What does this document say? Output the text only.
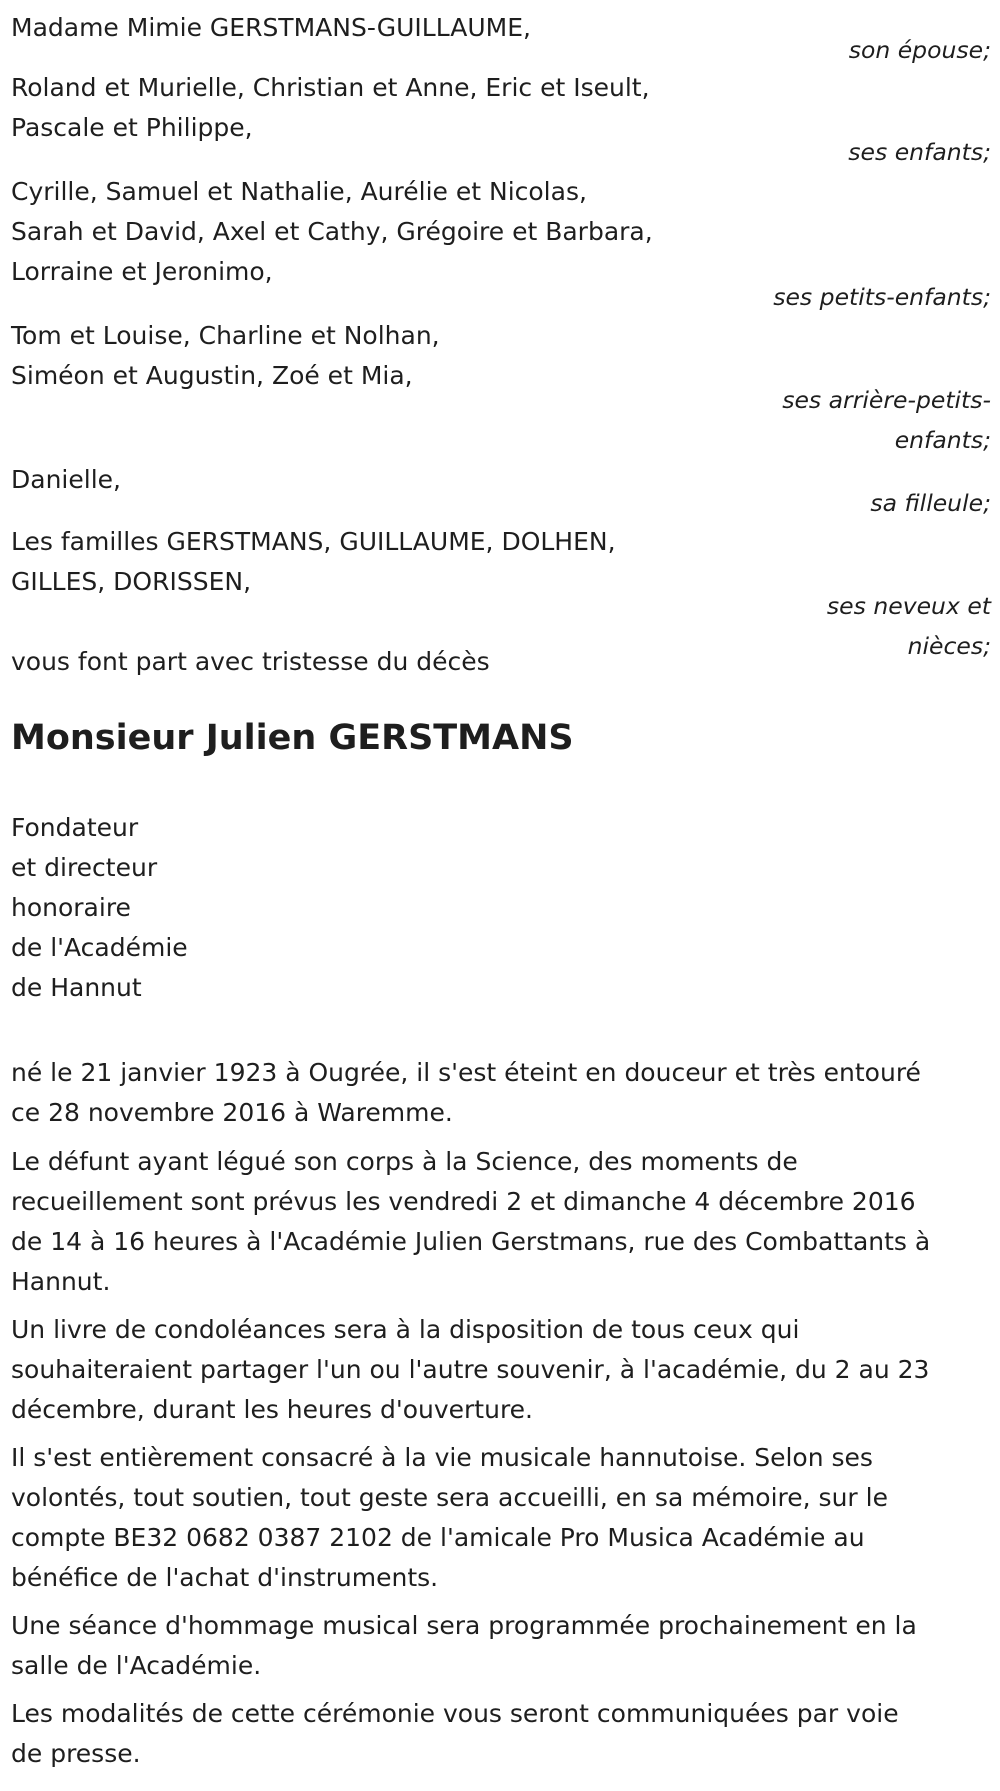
Madame Mimie GERSTMANS-GUILLAUME,
son épouse;
Roland et Murielle, Christian et Anne, Eric et Iseult,
Pascale et Philippe,
ses enfants;
Cyrille, Samuel et Nathalie, Aurélie et Nicolas,
Sarah et David, Axel et Cathy, Grégoire et Barbara,
Lorraine et Jeronimo,
ses petits-enfants;
Tom et Louise, Charline et Nolhan,
Siméon et Augustin, Zoé et Mia,
ses arrière-petits-
enfants;
Danielle,
sa filleule;
Les familles GERSTMANS, GUILLAUME, DOLHEN,
GILLES, DORISSEN,
ses neveux et
nièces;
vous font part avec tristesse du décès
Monsieur Julien GERSTMANS
Fondateur
et directeur
honoraire
de l'Académie
de Hannut
né le 21 janvier 1923 à Ougrée, il s'est éteint en douceur et très entouré
ce 28 novembre 2016 à Waremme.
Le défunt ayant légué son corps à la Science, des moments de
recueillement sont prévus les vendredi 2 et dimanche 4 décembre 2016
de 14 à 16 heures à l'Académie Julien Gerstmans, rue des Combattants à
Hannut.
Un livre de condoléances sera à la disposition de tous ceux qui
souhaiteraient partager l'un ou l'autre souvenir, à l'académie, du 2 au 23
décembre, durant les heures d'ouverture.
Il s'est entièrement consacré à la vie musicale hannutoise. Selon ses
volontés, tout soutien, tout geste sera accueilli, en sa mémoire, sur le
compte BE32 0682 0387 2102 de l'amicale Pro Musica Académie au
bénéfice de l'achat d'instruments.
Une séance d'hommage musical sera programmée prochainement en la
salle de l'Académie.
Les modalités de cette cérémonie vous seront communiquées par voie
de presse.
